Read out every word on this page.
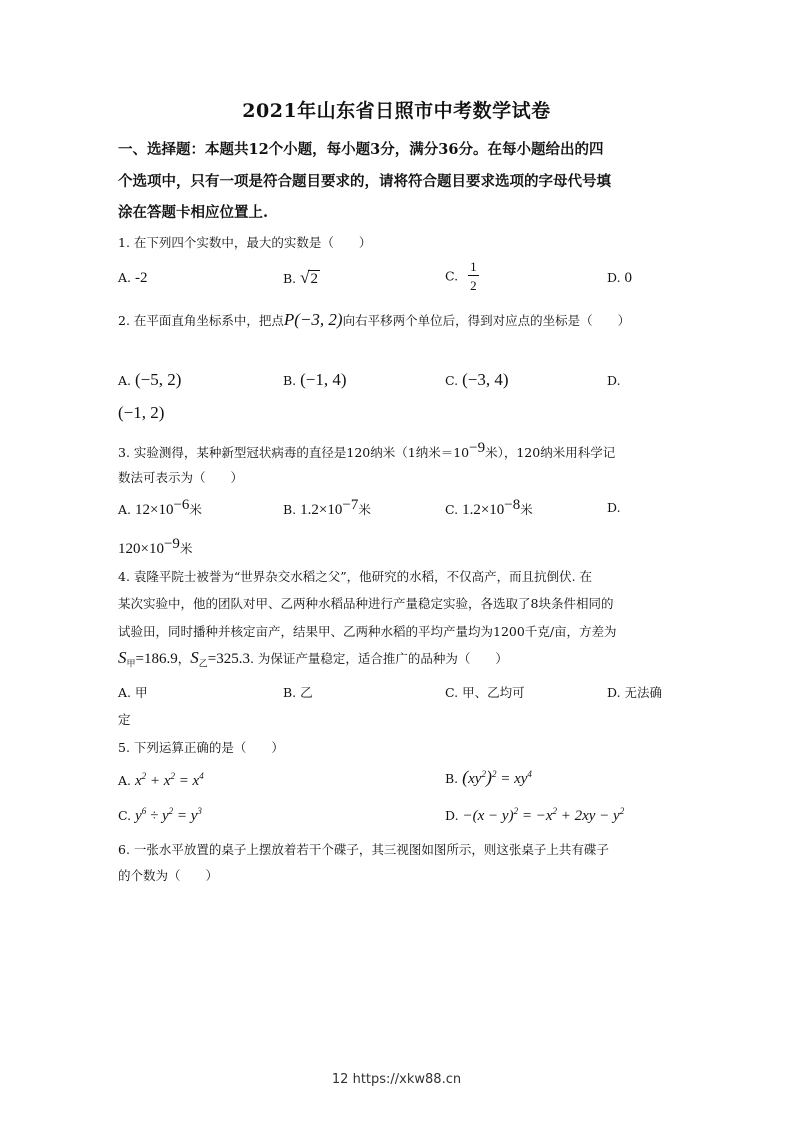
2021年山东省日照市中考数学试卷
一、选择题：本题共12个小题，每小题3分，满分36分。在每小题给出的四
个选项中，只有一项是符合题目要求的，请将符合题目要求选项的字母代号填
涂在答题卡相应位置上.
1. 在下列四个实数中，最大的实数是（　　）
A. -2	B. √ 2	C. $\frac{1}{2}$	D. 0
2. 在平面直角坐标系中，把点P(−3, 2)向右平移两个单位后，得到对应点的坐标是（　　）
A. (−5, 2)	B. (−1, 4)	C. (−3, 4)	D.
(−1, 2)
3. 实验测得，某种新型冠状病毒的直径是120纳米（1纳米$=10^{-9}$米），120纳米用科学记
数法可表示为（　　）
A. $12\times 10^{-6}$米	B. $1.2\times 10^{-7}$米	C. $1.2\times 10^{-8}$米	D.
$120\times 10^{-9}$米
4. 袁隆平院士被誉为“世界杂交水稻之父”，他研究的水稻，不仅高产，而且抗倒伏. 在
某次实验中，他的团队对甲、乙两种水稻品种进行产量稳定实验，各选取了8块条件相同的
试验田，同时播种并核定亩产，结果甲、乙两种水稻的平均产量均为1200千克/亩，方差为
$S_甲=186.9$，$S_乙=325.3$. 为保证产量稳定，适合推广的品种为（　　）
A. 甲	B. 乙	C. 甲、乙均可	D. 无法确
定
5. 下列运算正确的是（　　）
A. $x^2 + x^2 = x^4$	B. $(xy^2)^2 = xy^4$
C. $y^6 \div y^2 = y^3$	D. $-(x - y)^2 = -x^2 + 2xy - y^2$
6. 一张水平放置的桌子上摆放着若干个碟子，其三视图如图所示，则这张桌子上共有碟子
的个数为（　　）
12 https://xkw88.cn
